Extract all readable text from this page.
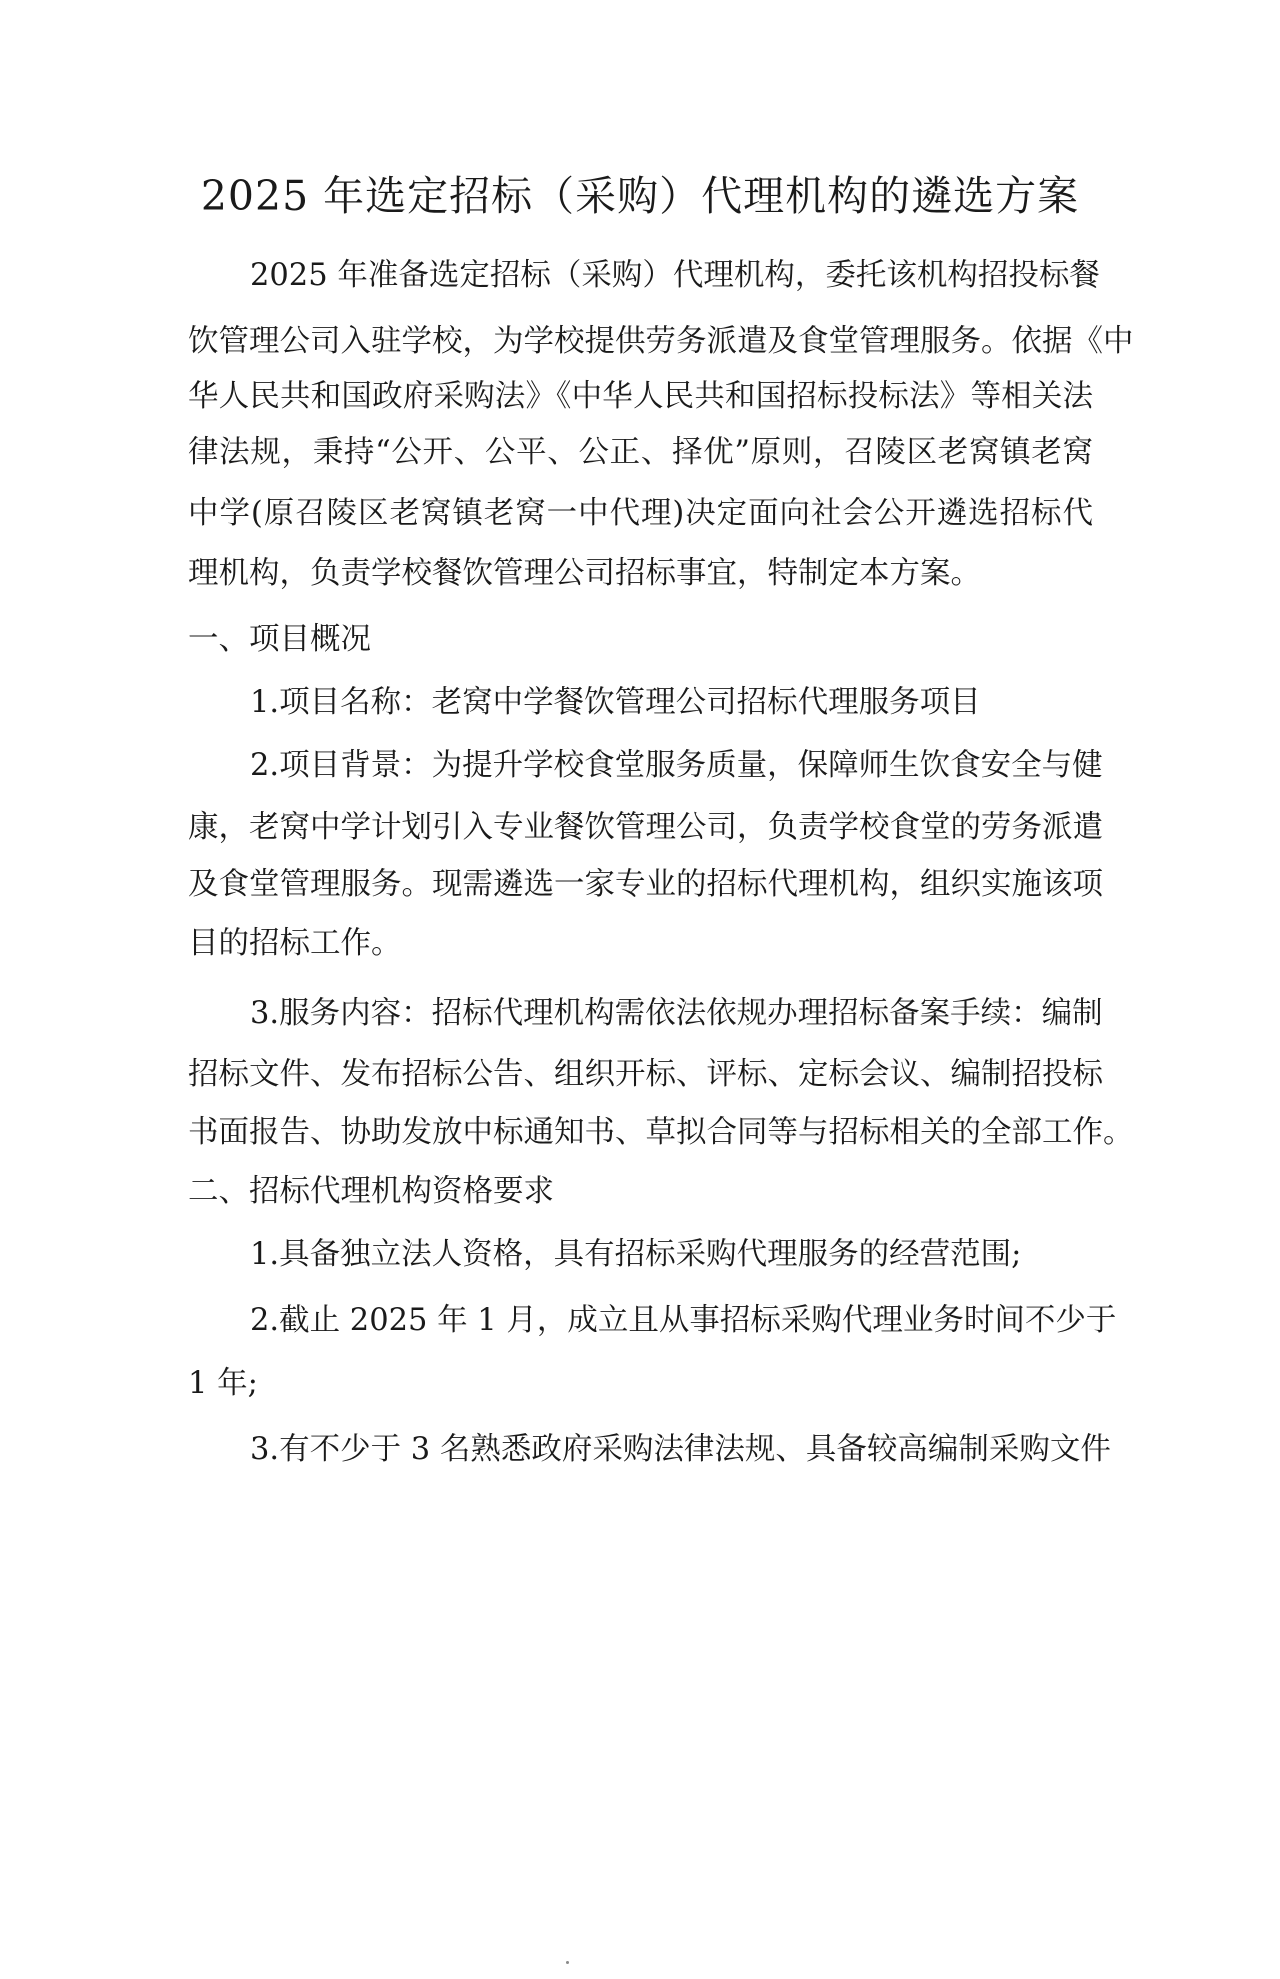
2025 年选定招标（采购）代理机构的遴选方案
2025 年准备选定招标（采购）代理机构，委托该机构招投标餐
饮管理公司入驻学校，为学校提供劳务派遣及食堂管理服务。依据《中
华人民共和国政府采购法》《中华人民共和国招标投标法》等相关法
律法规，秉持“公开、公平、公正、择优”原则，召陵区老窝镇老窝
中学(原召陵区老窝镇老窝一中代理)决定面向社会公开遴选招标代
理机构，负责学校餐饮管理公司招标事宜，特制定本方案。
一、项目概况
1.项目名称：老窝中学餐饮管理公司招标代理服务项目
2.项目背景：为提升学校食堂服务质量，保障师生饮食安全与健
康，老窝中学计划引入专业餐饮管理公司，负责学校食堂的劳务派遣
及食堂管理服务。现需遴选一家专业的招标代理机构，组织实施该项
目的招标工作。
3.服务内容：招标代理机构需依法依规办理招标备案手续：编制
招标文件、发布招标公告、组织开标、评标、定标会议、编制招投标
书面报告、协助发放中标通知书、草拟合同等与招标相关的全部工作。
二、招标代理机构资格要求
1.具备独立法人资格，具有招标采购代理服务的经营范围;
2.截止 2025 年 1 月，成立且从事招标采购代理业务时间不少于
1 年;
3.有不少于 3 名熟悉政府采购法律法规、具备较高编制采购文件
